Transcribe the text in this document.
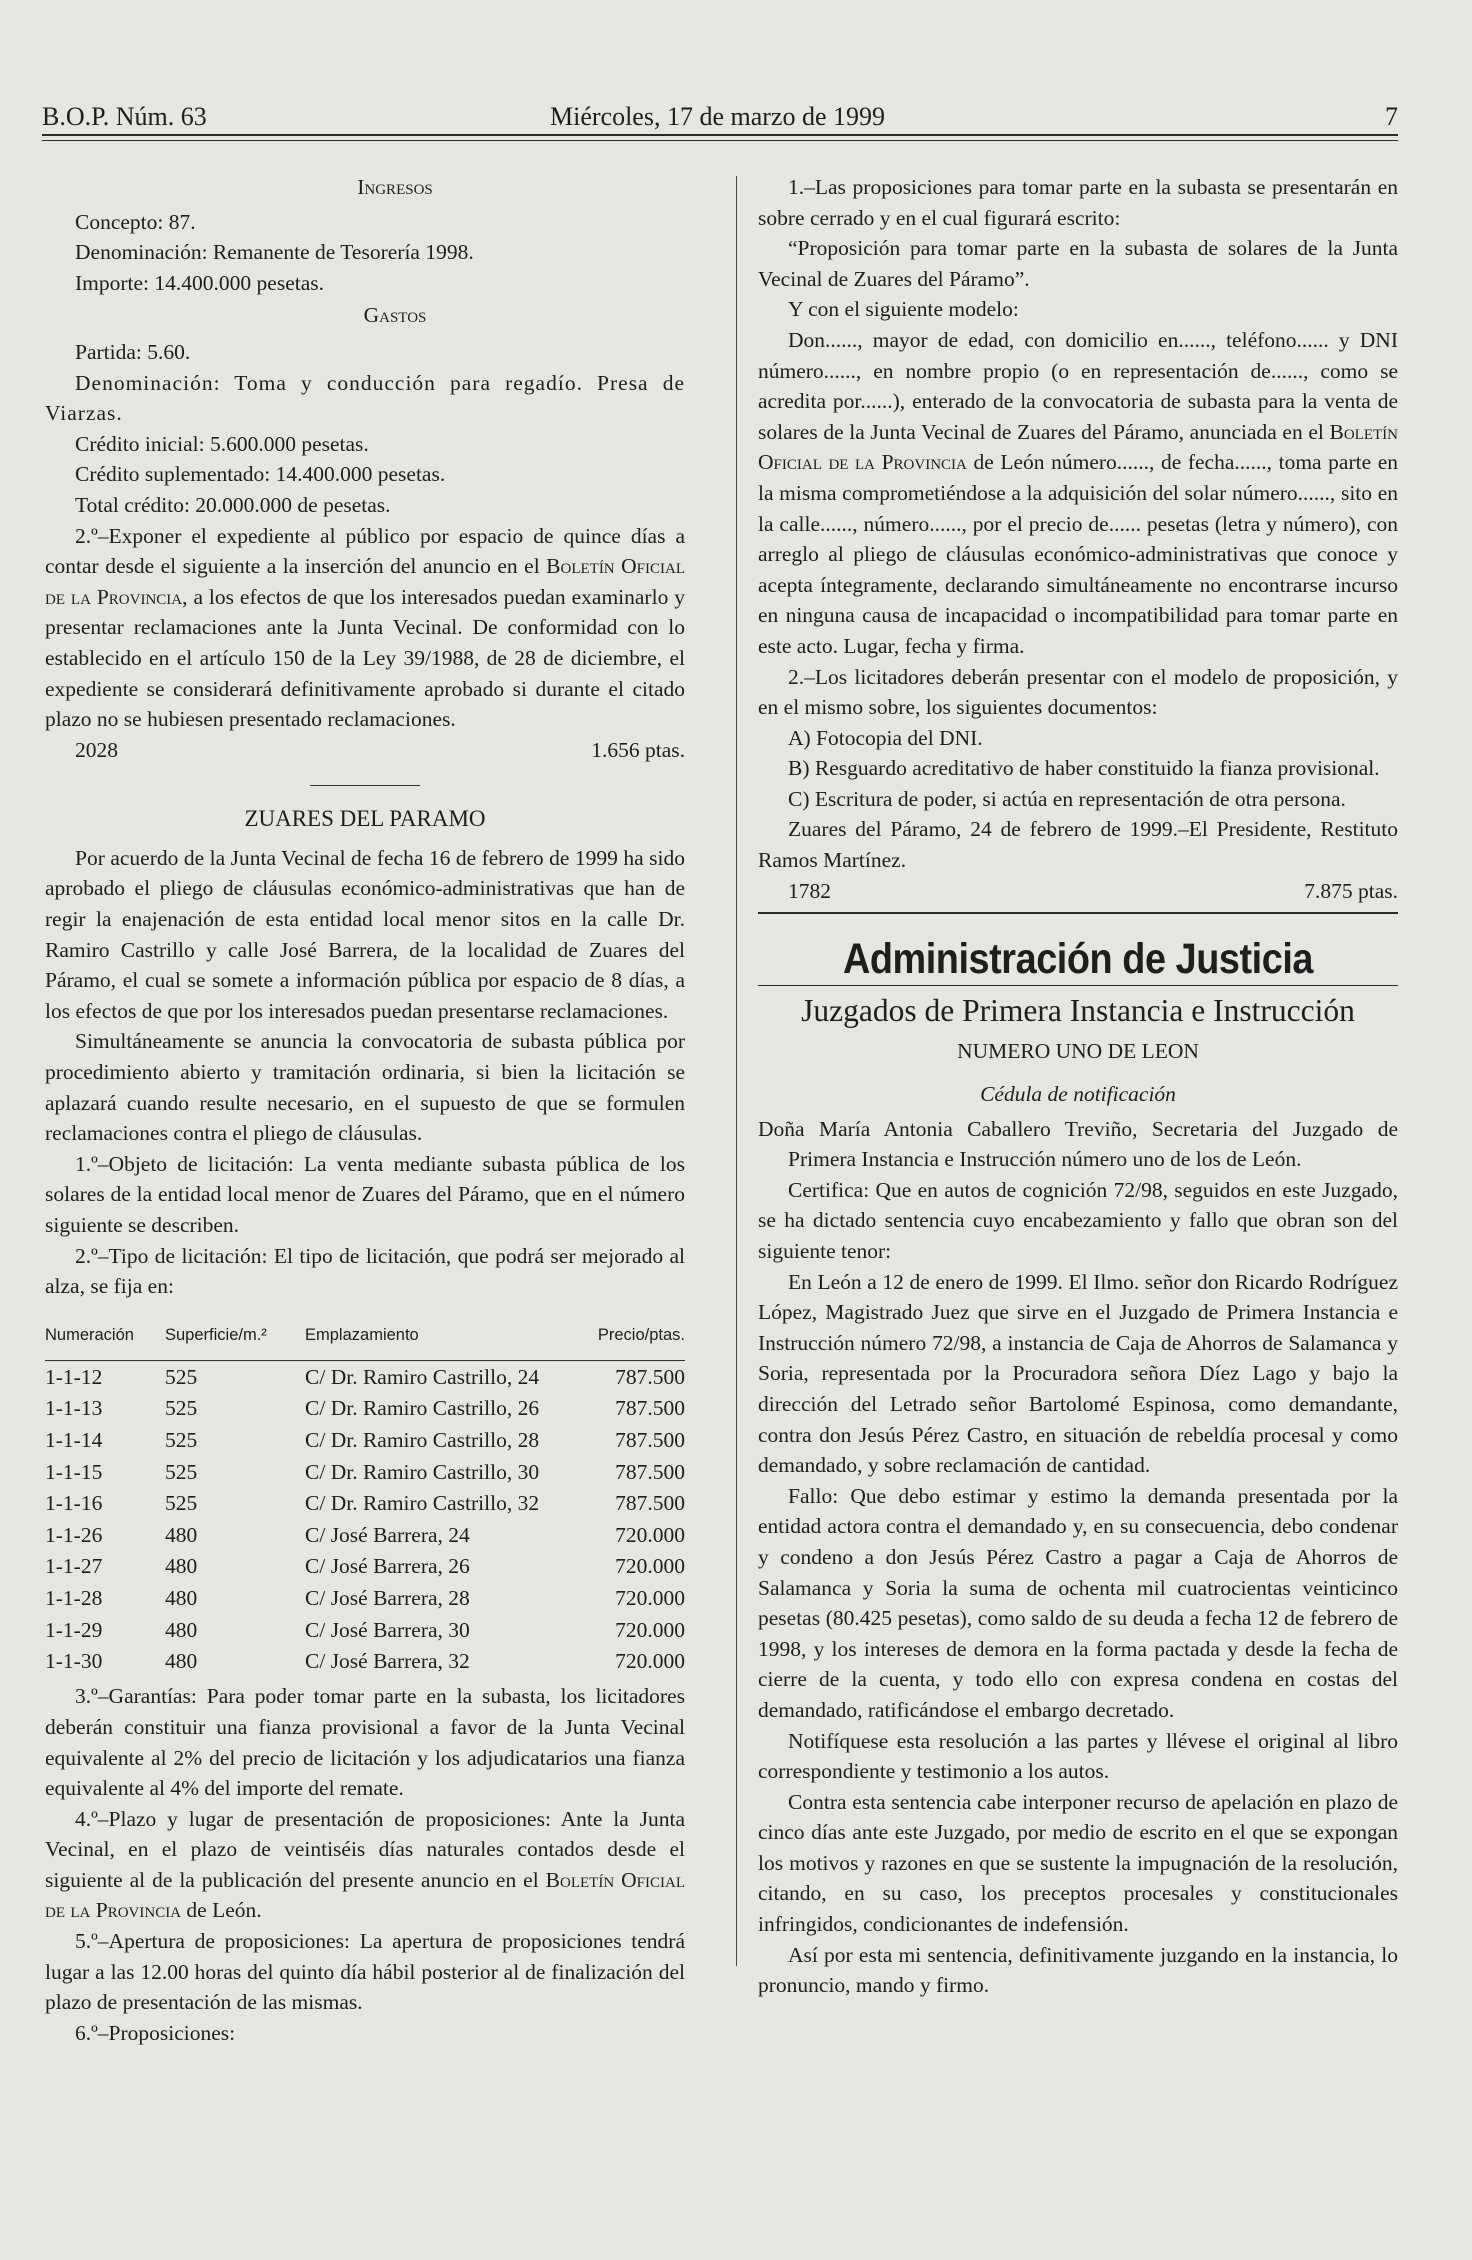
B.O.P. Núm. 63	Miércoles, 17 de marzo de 1999	7
Ingresos

Concepto: 87.

Denominación: Remanente de Tesorería 1998.

Importe: 14.400.000 pesetas.

Gastos

Partida: 5.60.

Denominación: Toma y conducción para regadío. Presa de Viarzas.

Crédito inicial: 5.600.000 pesetas.

Crédito suplementado: 14.400.000 pesetas.

Total crédito: 20.000.000 de pesetas.

2.º–Exponer el expediente al público por espacio de quince días a contar desde el siguiente a la inserción del anuncio en el Boletín Oficial de la Provincia, a los efectos de que los interesados puedan examinarlo y presentar reclamaciones ante la Junta Vecinal. De conformidad con lo establecido en el artículo 150 de la Ley 39/1988, de 28 de diciembre, el expediente se considerará definitivamente aprobado si durante el citado plazo no se hubiesen presentado reclamaciones.

2028	1.656 ptas.
ZUARES DEL PARAMO

Por acuerdo de la Junta Vecinal de fecha 16 de febrero de 1999 ha sido aprobado el pliego de cláusulas económico-administrativas que han de regir la enajenación de esta entidad local menor sitos en la calle Dr. Ramiro Castrillo y calle José Barrera, de la localidad de Zuares del Páramo, el cual se somete a información pública por espacio de 8 días, a los efectos de que por los interesados puedan presentarse reclamaciones.

Simultáneamente se anuncia la convocatoria de subasta pública por procedimiento abierto y tramitación ordinaria, si bien la licitación se aplazará cuando resulte necesario, en el supuesto de que se formulen reclamaciones contra el pliego de cláusulas.

1.º–Objeto de licitación: La venta mediante subasta pública de los solares de la entidad local menor de Zuares del Páramo, que en el número siguiente se describen.

2.º–Tipo de licitación: El tipo de licitación, que podrá ser mejorado al alza, se fija en:

Numeración	Superficie/m.²	Emplazamiento	Precio/ptas.
1-1-12	525	C/ Dr. Ramiro Castrillo, 24	787.500
1-1-13	525	C/ Dr. Ramiro Castrillo, 26	787.500
1-1-14	525	C/ Dr. Ramiro Castrillo, 28	787.500
1-1-15	525	C/ Dr. Ramiro Castrillo, 30	787.500
1-1-16	525	C/ Dr. Ramiro Castrillo, 32	787.500
1-1-26	480	C/ José Barrera, 24	720.000
1-1-27	480	C/ José Barrera, 26	720.000
1-1-28	480	C/ José Barrera, 28	720.000
1-1-29	480	C/ José Barrera, 30	720.000
1-1-30	480	C/ José Barrera, 32	720.000

3.º–Garantías: Para poder tomar parte en la subasta, los licitadores deberán constituir una fianza provisional a favor de la Junta Vecinal equivalente al 2% del precio de licitación y los adjudicatarios una fianza equivalente al 4% del importe del remate.

4.º–Plazo y lugar de presentación de proposiciones: Ante la Junta Vecinal, en el plazo de veintiséis días naturales contados desde el siguiente al de la publicación del presente anuncio en el Boletín Oficial de la Provincia de León.

5.º–Apertura de proposiciones: La apertura de proposiciones tendrá lugar a las 12.00 horas del quinto día hábil posterior al de finalización del plazo de presentación de las mismas.

6.º–Proposiciones:

1.–Las proposiciones para tomar parte en la subasta se presentarán en sobre cerrado y en el cual figurará escrito:

“Proposición para tomar parte en la subasta de solares de la Junta Vecinal de Zuares del Páramo”.

Y con el siguiente modelo:

Don......, mayor de edad, con domicilio en......, teléfono...... y DNI número......, en nombre propio (o en representación de......, como se acredita por......), enterado de la convocatoria de subasta para la venta de solares de la Junta Vecinal de Zuares del Páramo, anunciada en el Boletín Oficial de la Provincia de León número......, de fecha......, toma parte en la misma comprometiéndose a la adquisición del solar número......, sito en la calle......, número......, por el precio de...... pesetas (letra y número), con arreglo al pliego de cláusulas económico-administrativas que conoce y acepta íntegramente, declarando simultáneamente no encontrarse incurso en ninguna causa de incapacidad o incompatibilidad para tomar parte en este acto. Lugar, fecha y firma.

2.–Los licitadores deberán presentar con el modelo de proposición, y en el mismo sobre, los siguientes documentos:

A) Fotocopia del DNI.

B) Resguardo acreditativo de haber constituido la fianza provisional.

C) Escritura de poder, si actúa en representación de otra persona.

Zuares del Páramo, 24 de febrero de 1999.–El Presidente, Restituto Ramos Martínez.

1782	7.875 ptas.
Administración de Justicia
Juzgados de Primera Instancia e Instrucción
NUMERO UNO DE LEON
Cédula de notificación

Doña María Antonia Caballero Treviño, Secretaria del Juzgado de Primera Instancia e Instrucción número uno de los de León.

Certifica: Que en autos de cognición 72/98, seguidos en este Juzgado, se ha dictado sentencia cuyo encabezamiento y fallo que obran son del siguiente tenor:

En León a 12 de enero de 1999. El Ilmo. señor don Ricardo Rodríguez López, Magistrado Juez que sirve en el Juzgado de Primera Instancia e Instrucción número 72/98, a instancia de Caja de Ahorros de Salamanca y Soria, representada por la Procuradora señora Díez Lago y bajo la dirección del Letrado señor Bartolomé Espinosa, como demandante, contra don Jesús Pérez Castro, en situación de rebeldía procesal y como demandado, y sobre reclamación de cantidad.

Fallo: Que debo estimar y estimo la demanda presentada por la entidad actora contra el demandado y, en su consecuencia, debo condenar y condeno a don Jesús Pérez Castro a pagar a Caja de Ahorros de Salamanca y Soria la suma de ochenta mil cuatrocientas veinticinco pesetas (80.425 pesetas), como saldo de su deuda a fecha 12 de febrero de 1998, y los intereses de demora en la forma pactada y desde la fecha de cierre de la cuenta, y todo ello con expresa condena en costas del demandado, ratificándose el embargo decretado.

Notifíquese esta resolución a las partes y llévese el original al libro correspondiente y testimonio a los autos.

Contra esta sentencia cabe interponer recurso de apelación en plazo de cinco días ante este Juzgado, por medio de escrito en el que se expongan los motivos y razones en que se sustente la impugnación de la resolución, citando, en su caso, los preceptos procesales y constitucionales infringidos, condicionantes de indefensión.

Así por esta mi sentencia, definitivamente juzgando en la instancia, lo pronuncio, mando y firmo.
